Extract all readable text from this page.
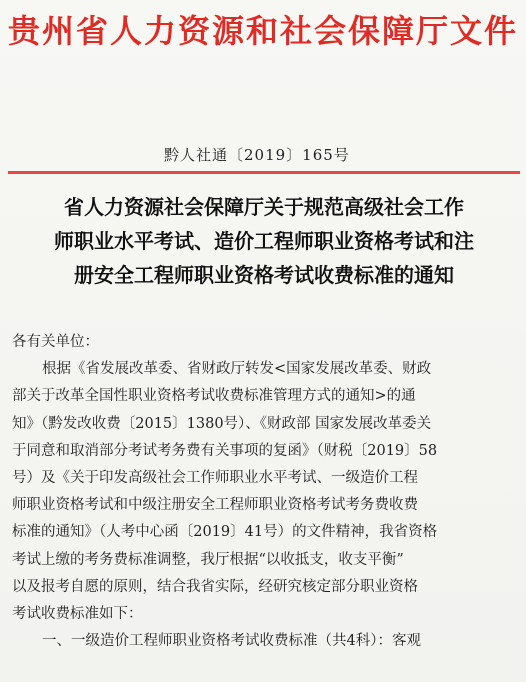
贵州省人力资源和社会保障厅文件
黔人社通〔2019〕165号
省人力资源社会保障厅关于规范高级社会工作
师职业水平考试、造价工程师职业资格考试和注
册安全工程师职业资格考试收费标准的通知
各有关单位：
根据《省发展改革委、省财政厅转发<国家发展改革委、财政
部关于改革全国性职业资格考试收费标准管理方式的通知>的通
知》（黔发改收费〔2015〕1380号）、《财政部 国家发展改革委关
于同意和取消部分考试考务费有关事项的复函》（财税〔2019〕58
号）及《关于印发高级社会工作师职业水平考试、一级造价工程
师职业资格考试和中级注册安全工程师职业资格考试考务费收费
标准的通知》（人考中心函〔2019〕41号）的文件精神，我省资格
考试上缴的考务费标准调整，我厅根据“以收抵支，收支平衡”
以及报考自愿的原则，结合我省实际，经研究核定部分职业资格
考试收费标准如下：
一、一级造价工程师职业资格考试收费标准（共4科）：客观
